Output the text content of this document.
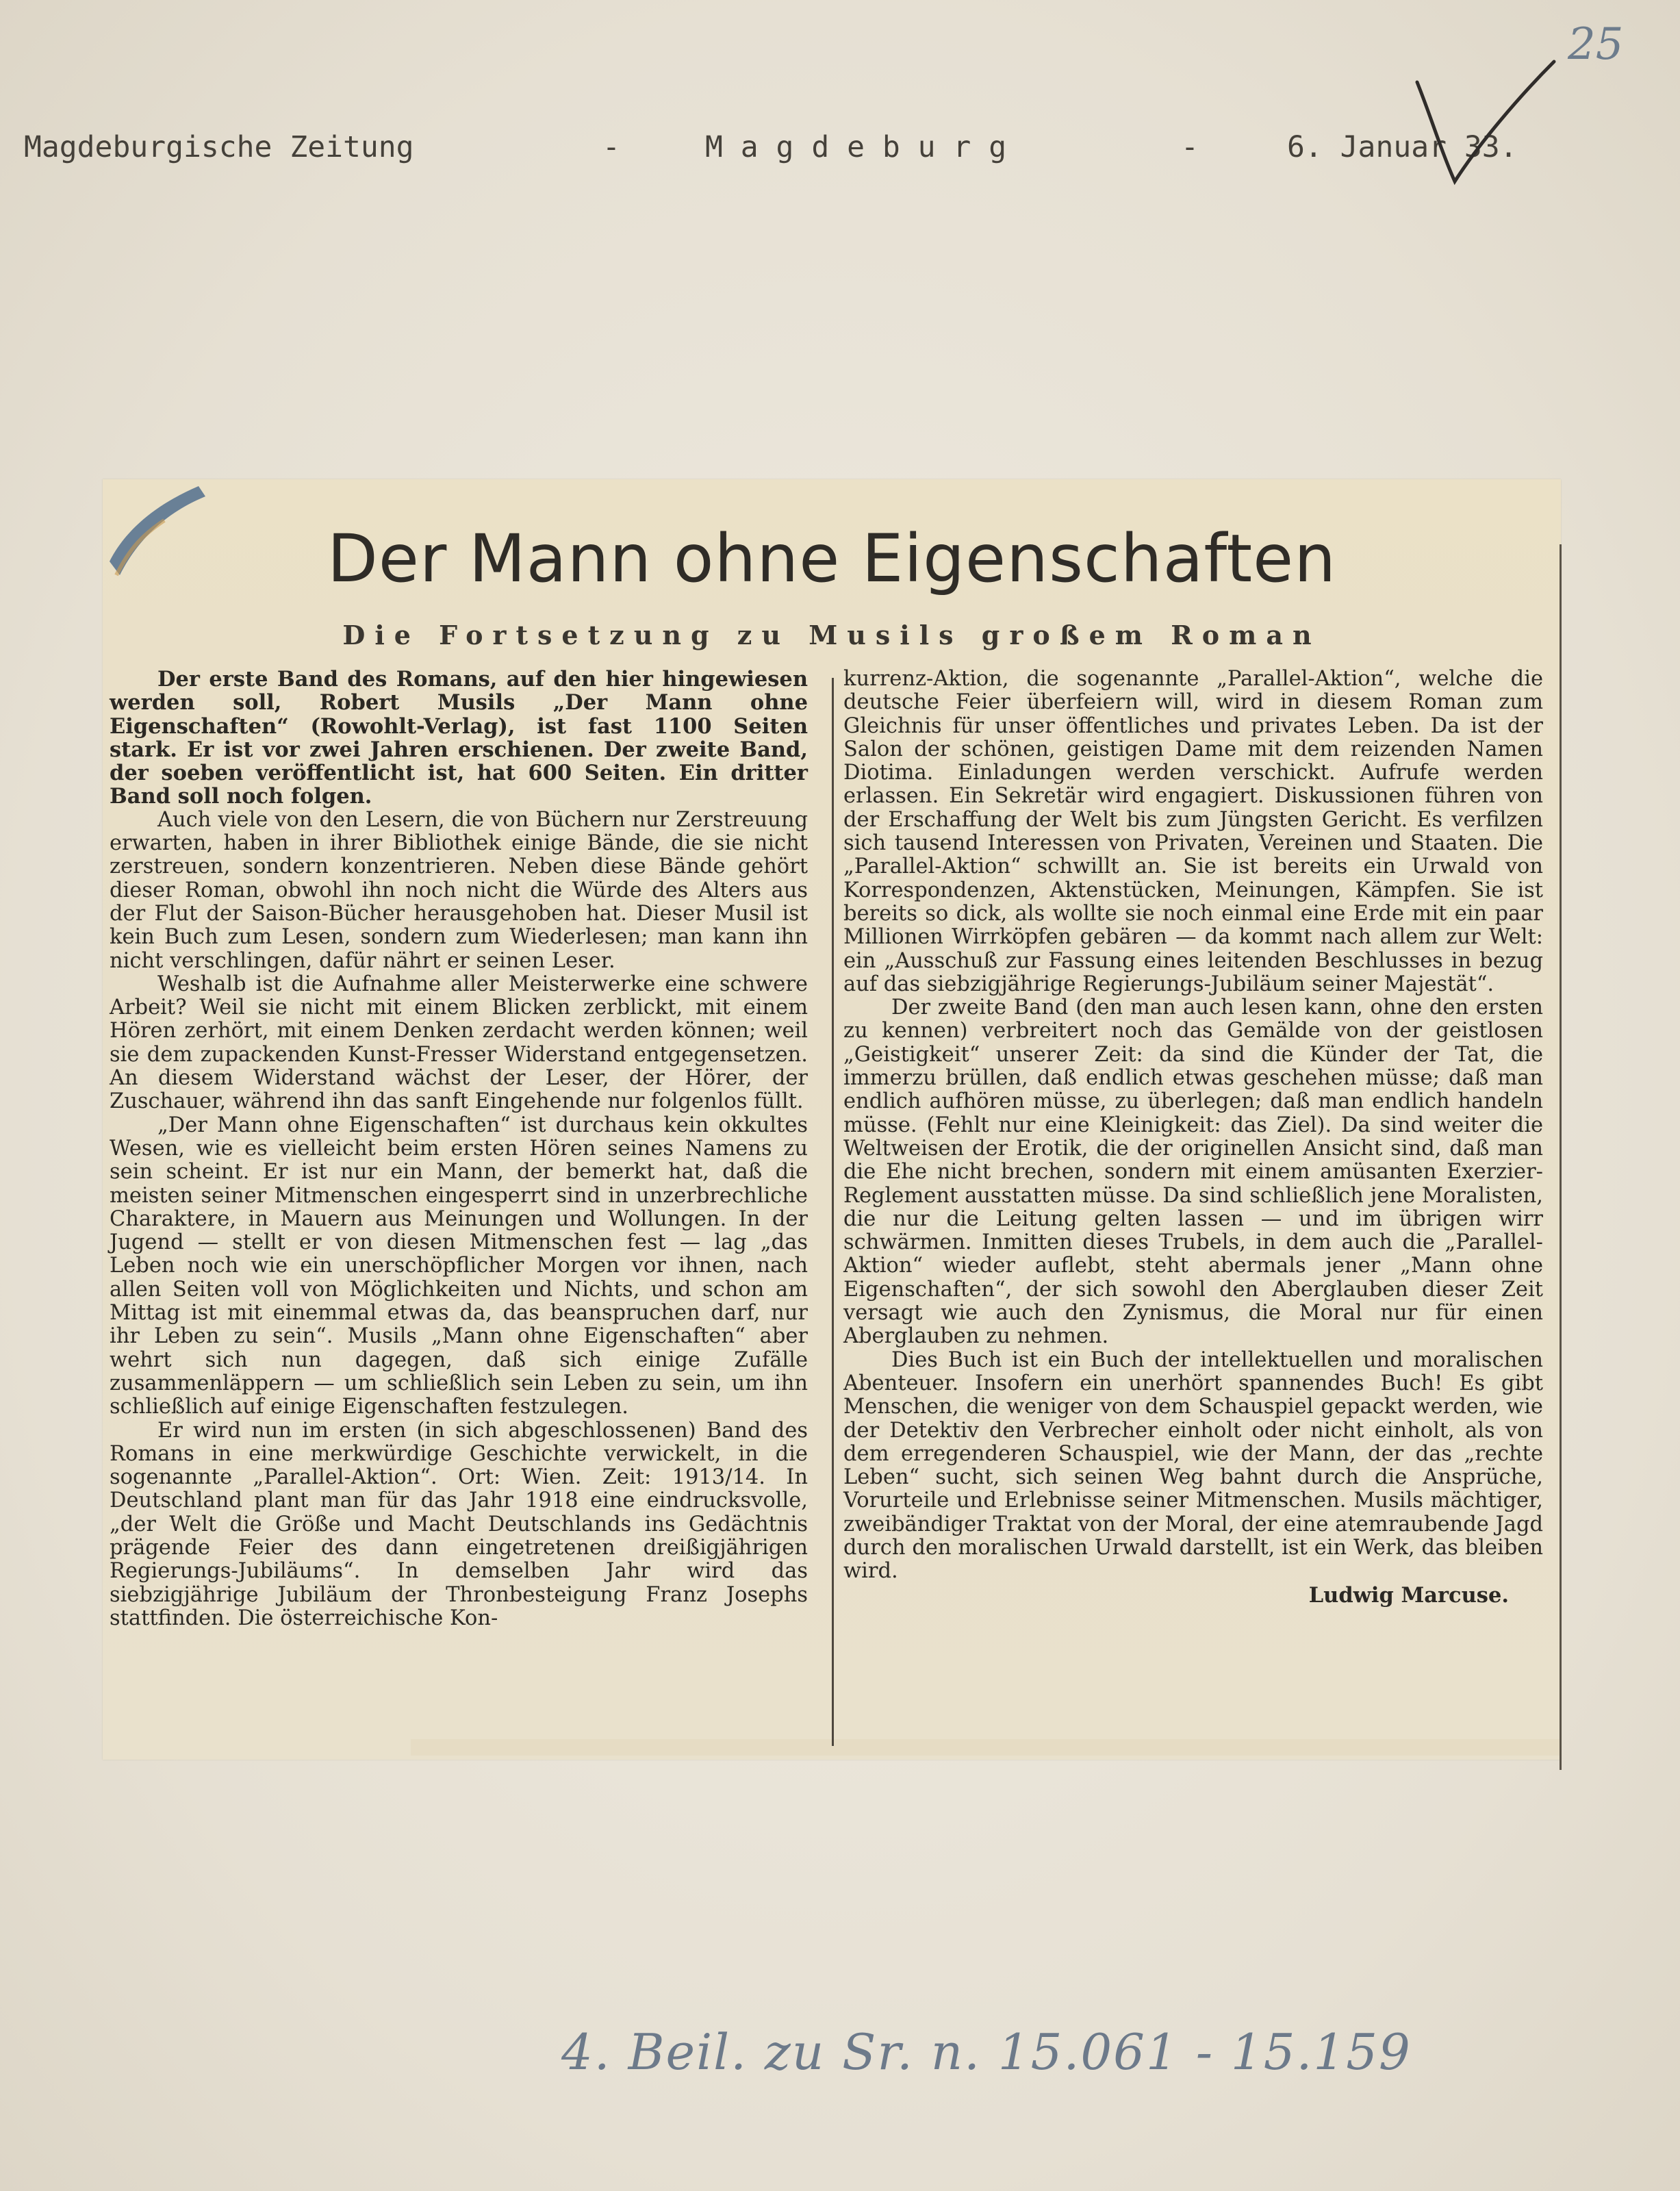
Magdeburgische Zeitung	-	M a g d e b u r g	-	6. Januar 33.
25
Der Mann ohne Eigenschaften
Die Fortsetzung zu Musils großem Roman

Der erste Band des Romans, auf den hier hingewiesen werden soll, Robert Musils „Der Mann ohne Eigenschaften“ (Rowohlt-Verlag), ist fast 1100 Seiten stark. Er ist vor zwei Jahren erschienen. Der zweite Band, der soeben veröffentlicht ist, hat 600 Seiten. Ein dritter Band soll noch folgen.

Auch viele von den Lesern, die von Büchern nur Zerstreuung erwarten, haben in ihrer Bibliothek einige Bände, die sie nicht zerstreuen, sondern konzentrieren. Neben diese Bände gehört dieser Roman, obwohl ihn noch nicht die Würde des Alters aus der Flut der Saison-Bücher herausgehoben hat. Dieser Musil ist kein Buch zum Lesen, sondern zum Wiederlesen; man kann ihn nicht verschlingen, dafür nährt er seinen Leser.

Weshalb ist die Aufnahme aller Meisterwerke eine schwere Arbeit? Weil sie nicht mit einem Blicken zerblickt, mit einem Hören zerhört, mit einem Denken zerdacht werden können; weil sie dem zupackenden Kunst-Fresser Widerstand entgegensetzen. An diesem Widerstand wächst der Leser, der Hörer, der Zuschauer, während ihn das sanft Eingehende nur folgenlos füllt.

„Der Mann ohne Eigenschaften“ ist durchaus kein okkultes Wesen, wie es vielleicht beim ersten Hören seines Namens zu sein scheint. Er ist nur ein Mann, der bemerkt hat, daß die meisten seiner Mitmenschen eingesperrt sind in unzerbrechliche Charaktere, in Mauern aus Meinungen und Wollungen. In der Jugend — stellt er von diesen Mitmenschen fest — lag „das Leben noch wie ein unerschöpflicher Morgen vor ihnen, nach allen Seiten voll von Möglichkeiten und Nichts, und schon am Mittag ist mit einemmal etwas da, das beanspruchen darf, nur ihr Leben zu sein“. Musils „Mann ohne Eigenschaften“ aber wehrt sich nun dagegen, daß sich einige Zufälle zusammenläppern — um schließlich sein Leben zu sein, um ihn schließlich auf einige Eigenschaften festzulegen.

Er wird nun im ersten (in sich abgeschlossenen) Band des Romans in eine merkwürdige Geschichte verwickelt, in die sogenannte „Parallel-Aktion“. Ort: Wien. Zeit: 1913/14. In Deutschland plant man für das Jahr 1918 eine eindrucksvolle, „der Welt die Größe und Macht Deutschlands ins Gedächtnis prägende Feier des dann eingetretenen dreißigjährigen Regierungs-Jubiläums“. In demselben Jahr wird das siebzigjährige Jubiläum der Thronbesteigung Franz Josephs stattfinden. Die österreichische Kon-

kurrenz-Aktion, die sogenannte „Parallel-Aktion“, welche die deutsche Feier überfeiern will, wird in diesem Roman zum Gleichnis für unser öffentliches und privates Leben. Da ist der Salon der schönen, geistigen Dame mit dem reizenden Namen Diotima. Einladungen werden verschickt. Aufrufe werden erlassen. Ein Sekretär wird engagiert. Diskussionen führen von der Erschaffung der Welt bis zum Jüngsten Gericht. Es verfilzen sich tausend Interessen von Privaten, Vereinen und Staaten. Die „Parallel-Aktion“ schwillt an. Sie ist bereits ein Urwald von Korrespondenzen, Aktenstücken, Meinungen, Kämpfen. Sie ist bereits so dick, als wollte sie noch einmal eine Erde mit ein paar Millionen Wirrköpfen gebären — da kommt nach allem zur Welt: ein „Ausschuß zur Fassung eines leitenden Beschlusses in bezug auf das siebzigjährige Regierungs-Jubiläum seiner Majestät“.

Der zweite Band (den man auch lesen kann, ohne den ersten zu kennen) verbreitert noch das Gemälde von der geistlosen „Geistigkeit“ unserer Zeit: da sind die Künder der Tat, die immerzu brüllen, daß endlich etwas geschehen müsse; daß man endlich aufhören müsse, zu überlegen; daß man endlich handeln müsse. (Fehlt nur eine Kleinigkeit: das Ziel). Da sind weiter die Weltweisen der Erotik, die der originellen Ansicht sind, daß man die Ehe nicht brechen, sondern mit einem amüsanten Exerzier-Reglement ausstatten müsse. Da sind schließlich jene Moralisten, die nur die Leitung gelten lassen — und im übrigen wirr schwärmen. Inmitten dieses Trubels, in dem auch die „Parallel-Aktion“ wieder auflebt, steht abermals jener „Mann ohne Eigenschaften“, der sich sowohl den Aberglauben dieser Zeit versagt wie auch den Zynismus, die Moral nur für einen Aberglauben zu nehmen.

Dies Buch ist ein Buch der intellektuellen und moralischen Abenteuer. Insofern ein unerhört spannendes Buch! Es gibt Menschen, die weniger von dem Schauspiel gepackt werden, wie der Detektiv den Verbrecher einholt oder nicht einholt, als von dem erregenderen Schauspiel, wie der Mann, der das „rechte Leben“ sucht, sich seinen Weg bahnt durch die Ansprüche, Vorurteile und Erlebnisse seiner Mitmenschen. Musils mächtiger, zweibändiger Traktat von der Moral, der eine atemraubende Jagd durch den moralischen Urwald darstellt, ist ein Werk, das bleiben wird.

Ludwig Marcuse.

4. Beil. zu Sr. n. 15.061 - 15.159
